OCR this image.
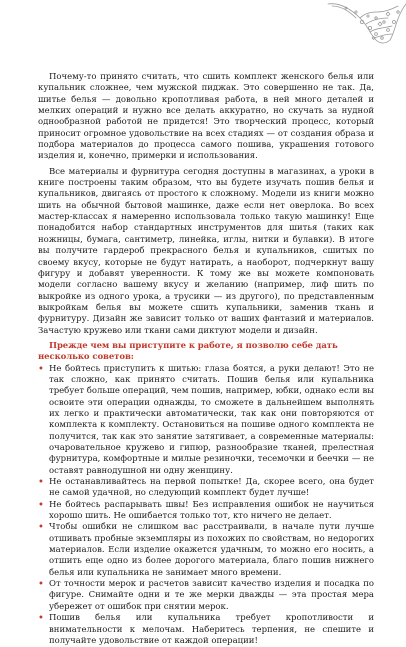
Почему-то принято считать, что сшить комплект женского белья или купальник сложнее, чем мужской пиджак. Это совершенно не так. Да, шитье белья — довольно кропотливая работа, в ней много деталей и мелких операций и нужно все делать аккуратно, но скучать за нудной однообразной работой не придется! Это творческий процесс, который приносит огромное удовольствие на всех стадиях — от создания образа и подбора материалов до процесса самого пошива, украшения готового изделия и, конечно, примерки и использования.

Все материалы и фурнитура сегодня доступны в магазинах, а уроки в книге построены таким образом, что вы будете изучать пошив белья и купальников, двигаясь от простого к сложному. Модели из книги можно шить на обычной бытовой машинке, даже если нет оверлока. Во всех мастер-классах я намеренно использовала только такую машинку! Еще понадобится набор стандартных инструментов для шитья (таких как ножницы, бумага, сантиметр, линейка, иглы, нитки и булавки). В итоге вы получите гардероб прекрасного белья и купальников, сшитых по своему вкусу, которые не будут натирать, а наоборот, подчеркнут вашу фигуру и добавят уверенности. К тому же вы можете компоновать модели согласно вашему вкусу и желанию (например, лиф шить по выкройке из одного урока, а трусики — из другого), по представленным выкройкам белья вы можете сшить купальники, заменив ткань и фурнитуру. Дизайн же зависит только от ваших фантазий и материалов. Зачастую кружево или ткани сами диктуют модели и дизайн.

Прежде чем вы приступите к работе, я позволю себе дать несколько советов:

• Не бойтесь приступить к шитью: глаза боятся, а руки делают! Это не так сложно, как принято считать. Пошив белья или купальника требует больше операций, чем пошив, например, юбки, однако если вы освоите эти операции однажды, то сможете в дальнейшем выполнять их легко и практически автоматически, так как они повторяются от комплекта к комплекту. Остановиться на пошиве одного комплекта не получится, так как это занятие затягивает, а современные материалы: очаровательное кружево и гипюр, разнообразие тканей, прелестная фурнитура, комфортные и милые резиночки, тесемочки и беечки — не оставят равнодушной ни одну женщину.
• Не останавливайтесь на первой попытке! Да, скорее всего, она будет не самой удачной, но следующий комплект будет лучше!
• Не бойтесь распарывать швы! Без исправления ошибок не научиться хорошо шить. Не ошибается только тот, кто ничего не делает.
• Чтобы ошибки не слишком вас расстраивали, в начале пути лучше отшивать пробные экземпляры из похожих по свойствам, но недорогих материалов. Если изделие окажется удачным, то можно его носить, а отшить еще одно из более дорогого материала, благо пошив нижнего белья или купальника не занимает много времени.
• От точности мерок и расчетов зависит качество изделия и посадка по фигуре. Снимайте одни и те же мерки дважды — эта простая мера убережет от ошибок при снятии мерок.
• Пошив белья или купальника требует кропотливости и внимательности к мелочам. Наберитесь терпения, не спешите и получайте удовольствие от каждой операции!
